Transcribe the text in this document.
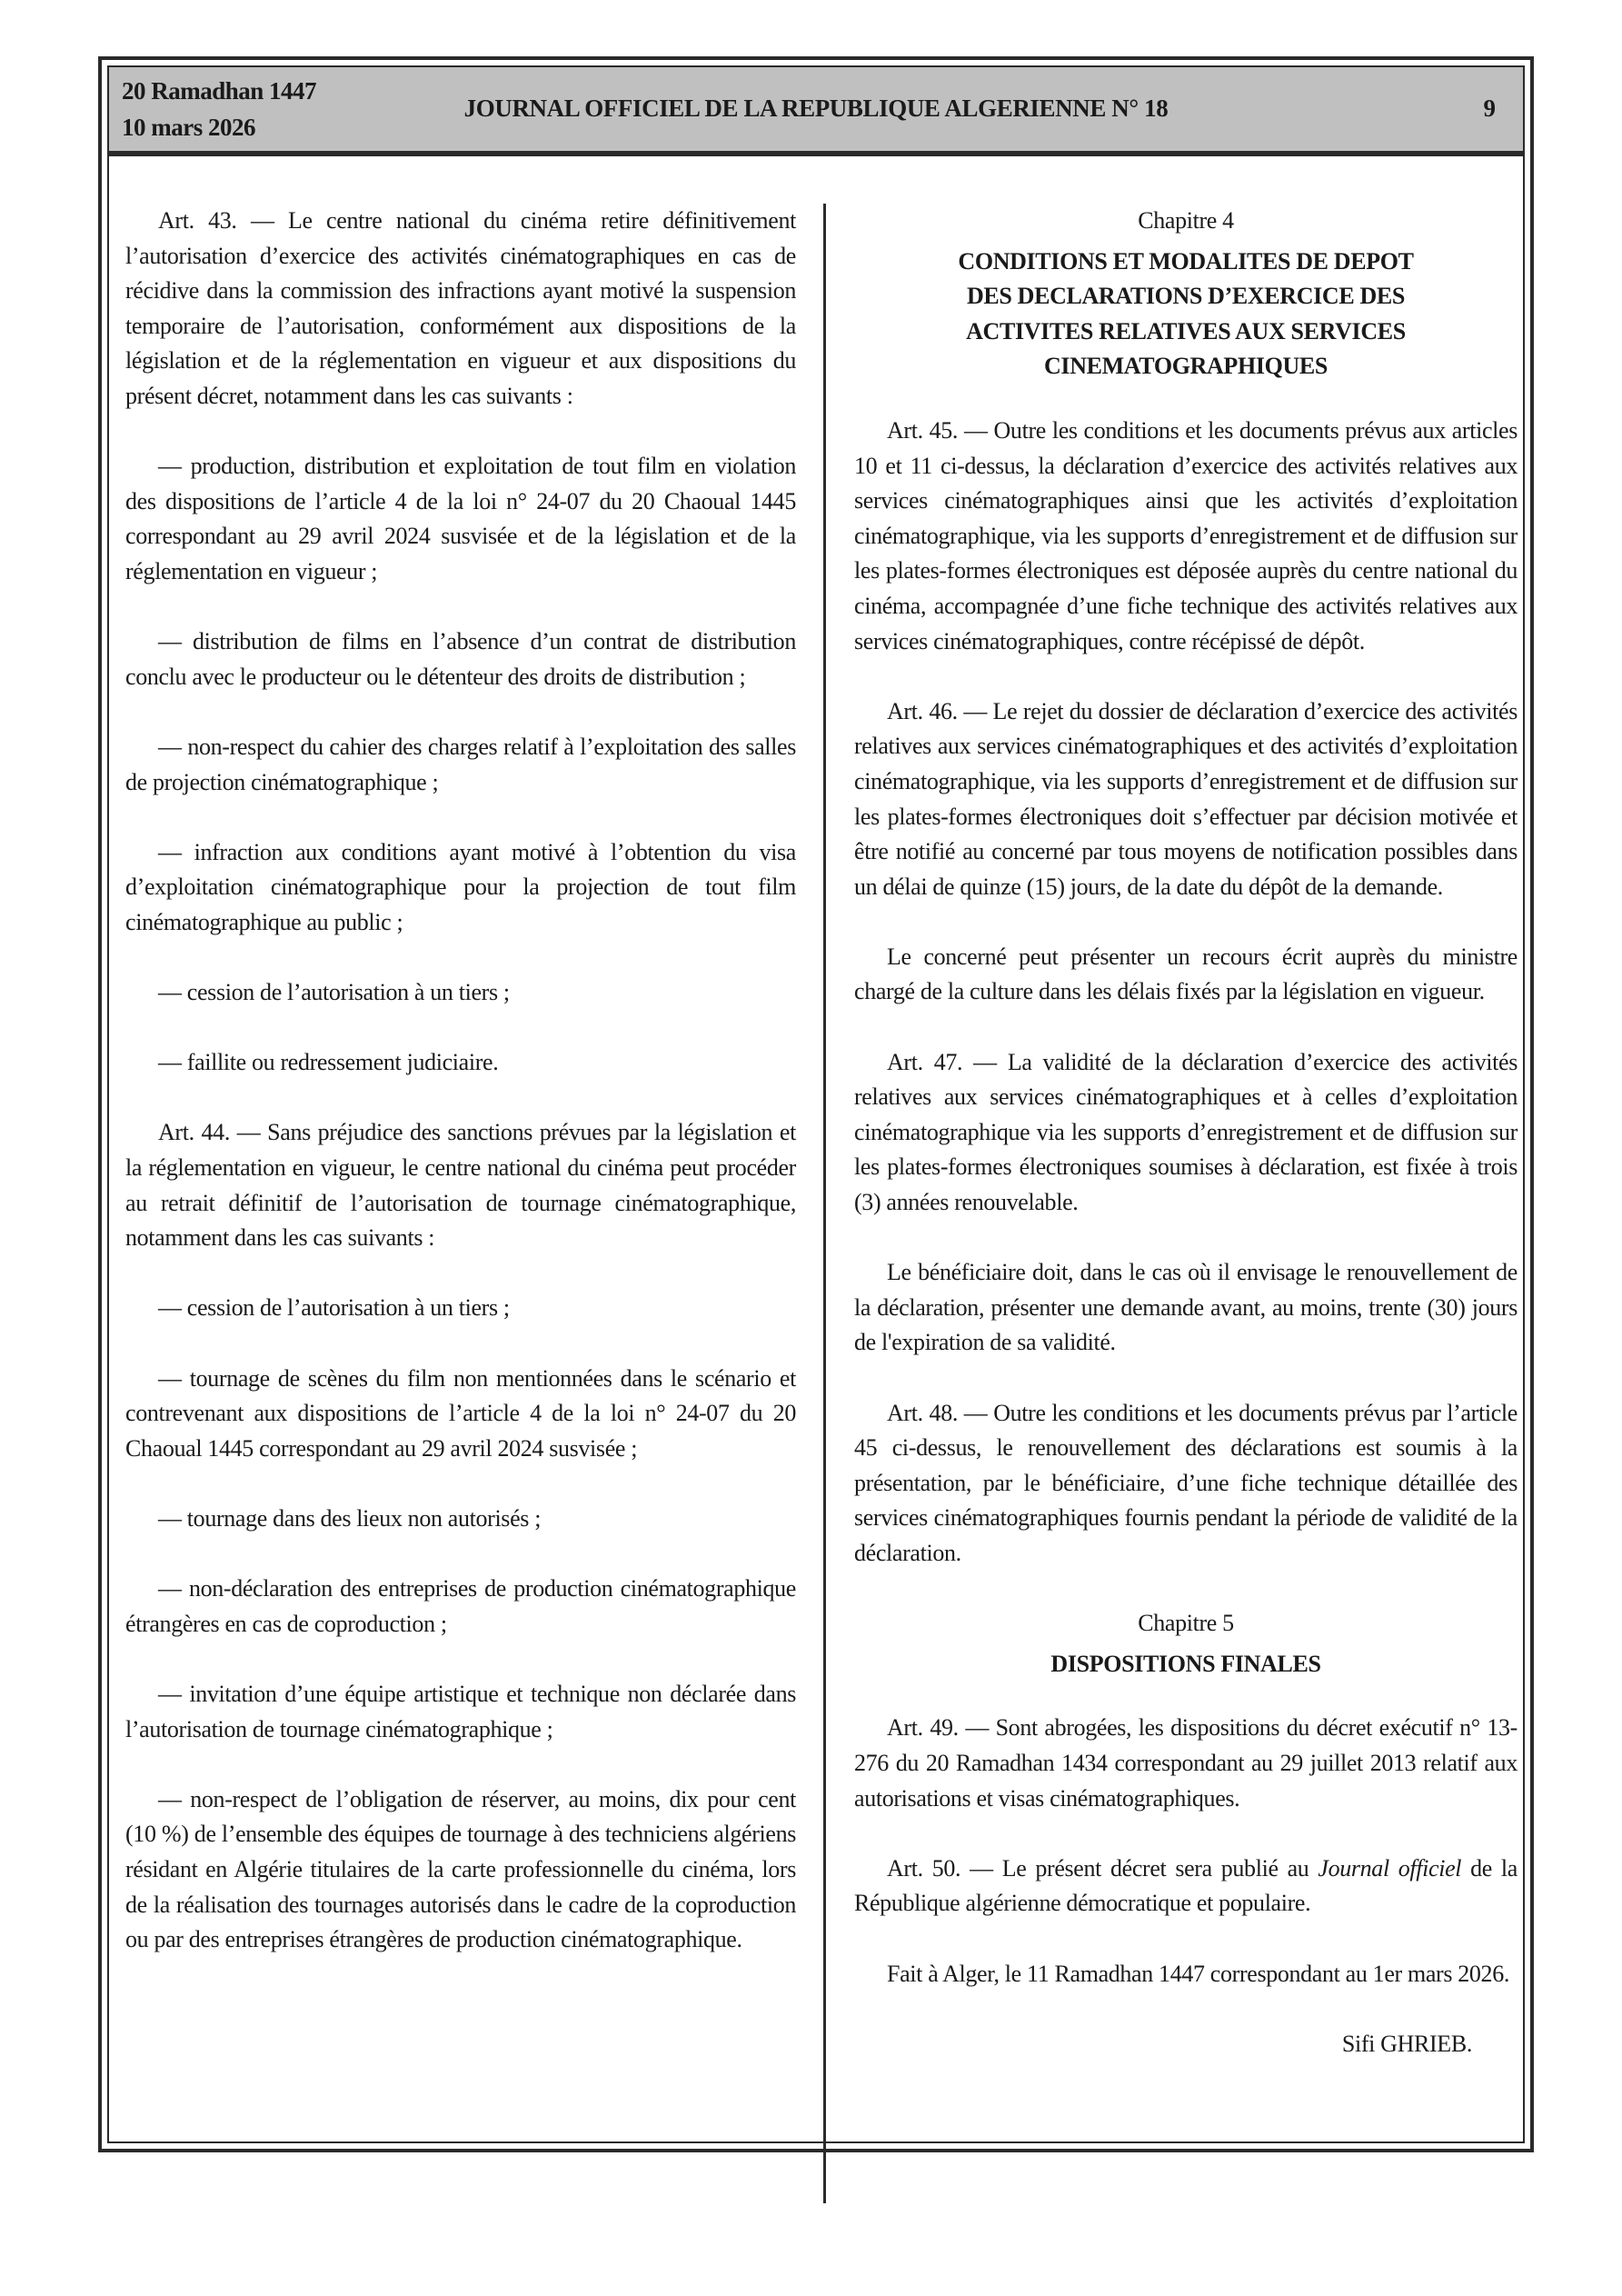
20 Ramadhan 1447
10 mars 2026
JOURNAL OFFICIEL DE LA REPUBLIQUE ALGERIENNE N° 18	9

Art. 43. — Le centre national du cinéma retire définitivement l’autorisation d’exercice des activités cinématographiques en cas de récidive dans la commission des infractions ayant motivé la suspension temporaire de l’autorisation, conformément aux dispositions de la législation et de la réglementation en vigueur et aux dispositions du présent décret, notamment dans les cas suivants :

— production, distribution et exploitation de tout film en violation des dispositions de l’article 4 de la loi n° 24-07 du 20 Chaoual 1445 correspondant au 29 avril 2024 susvisée et de la législation et de la réglementation en vigueur ;

— distribution de films en l’absence d’un contrat de distribution conclu avec le producteur ou le détenteur des droits de distribution ;

— non-respect du cahier des charges relatif à l’exploitation des salles de projection cinématographique ;

— infraction aux conditions ayant motivé à l’obtention du visa d’exploitation cinématographique pour la projection de tout film cinématographique au public ;

— cession de l’autorisation à un tiers ;

— faillite ou redressement judiciaire.

Art. 44. — Sans préjudice des sanctions prévues par la législation et la réglementation en vigueur, le centre national du cinéma peut procéder au retrait définitif de l’autorisation de tournage cinématographique, notamment dans les cas suivants :

— cession de l’autorisation à un tiers ;

— tournage de scènes du film non mentionnées dans le scénario et contrevenant aux dispositions de l’article 4 de la loi n° 24-07 du 20 Chaoual 1445 correspondant au 29 avril 2024 susvisée ;

— tournage dans des lieux non autorisés ;

— non-déclaration des entreprises de production cinématographique étrangères en cas de coproduction ;

— invitation d’une équipe artistique et technique non déclarée dans l’autorisation de tournage cinématographique ;

— non-respect de l’obligation de réserver, au moins, dix pour cent (10 %) de l’ensemble des équipes de tournage à des techniciens algériens résidant en Algérie titulaires de la carte professionnelle du cinéma, lors de la réalisation des tournages autorisés dans le cadre de la coproduction ou par des entreprises étrangères de production cinématographique.

Chapitre 4

CONDITIONS ET MODALITES DE DEPOT DES DECLARATIONS D’EXERCICE DES ACTIVITES RELATIVES AUX SERVICES CINEMATOGRAPHIQUES

Art. 45. — Outre les conditions et les documents prévus aux articles 10 et 11 ci-dessus, la déclaration d’exercice des activités relatives aux services cinématographiques ainsi que les activités d’exploitation cinématographique, via les supports d’enregistrement et de diffusion sur les plates-formes électroniques est déposée auprès du centre national du cinéma, accompagnée d’une fiche technique des activités relatives aux services cinématographiques, contre récépissé de dépôt.

Art. 46. — Le rejet du dossier de déclaration d’exercice des activités relatives aux services cinématographiques et des activités d’exploitation cinématographique, via les supports d’enregistrement et de diffusion sur les plates-formes électroniques doit s’effectuer par décision motivée et être notifié au concerné par tous moyens de notification possibles dans un délai de quinze (15) jours, de la date du dépôt de la demande.

Le concerné peut présenter un recours écrit auprès du ministre chargé de la culture dans les délais fixés par la législation en vigueur.

Art. 47. — La validité de la déclaration d’exercice des activités relatives aux services cinématographiques et à celles d’exploitation cinématographique via les supports d’enregistrement et de diffusion sur les plates-formes électroniques soumises à déclaration, est fixée à trois (3) années renouvelable.

Le bénéficiaire doit, dans le cas où il envisage le renouvellement de la déclaration, présenter une demande avant, au moins, trente (30) jours de l'expiration de sa validité.

Art. 48. — Outre les conditions et les documents prévus par l’article 45 ci-dessus, le renouvellement des déclarations est soumis à la présentation, par le bénéficiaire, d’une fiche technique détaillée des services cinématographiques fournis pendant la période de validité de la déclaration.

Chapitre 5

DISPOSITIONS FINALES

Art. 49. — Sont abrogées, les dispositions du décret exécutif n° 13-276 du 20 Ramadhan 1434 correspondant au 29 juillet 2013 relatif aux autorisations et visas cinématographiques.

Art. 50. — Le présent décret sera publié au Journal officiel de la République algérienne démocratique et populaire.

Fait à Alger, le 11 Ramadhan 1447 correspondant au 1er mars 2026.

Sifi GHRIEB.
